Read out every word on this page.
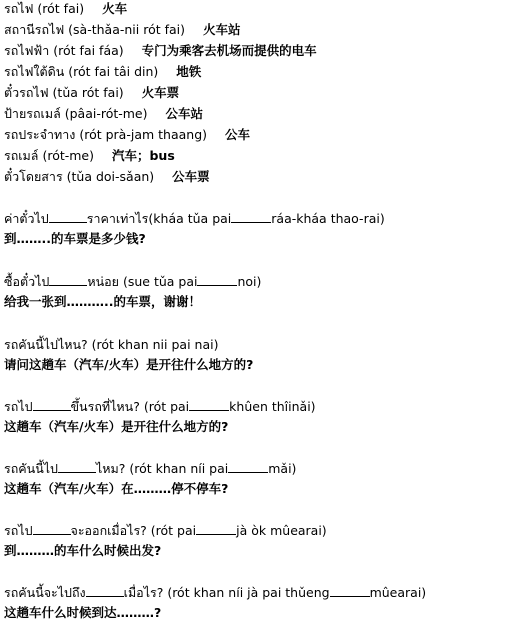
รถไฟ (rót fai) 火车
สถานีรถไฟ (sà-thǎa-nii rót fai) 火车站
รถไฟฟ้า (rót fai fáa) 专门为乘客去机场而提供的电车
รถไฟใต้ดิน (rót fai tâi din) 地铁
ตั๋วรถไฟ (tǔa rót fai) 火车票
ป้ายรถเมล์ (pâai-rót-me) 公车站
รถประจำทาง (rót prà-jam thaang) 公车
รถเมล์ (rót-me) 汽车；bus
ตั๋วโดยสาร (tǔa doi-sǎan) 公车票
ค่าตั๋วไป	ราคาเท่าไร(kháa tǔa pai	ráa-kháa thao-rai)
到……..的车票是多少钱?
ซื้อตั๋วไป	หน่อย (sue tǔa pai	noi)
给我一张到………..的车票，谢谢！
รถคันนี้ไปไหน? (rót khan nii pai nai)
请问这趟车（汽车/火车）是开往什么地方的?
รถไป	ขึ้นรถที่ไหน? (rót pai	khûen thîinǎi)
这趟车（汽车/火车）是开往什么地方的?
รถคันนี้ไป	ไหม? (rót khan níi pai	mǎi)
这趟车（汽车/火车）在………停不停车?
รถไป	จะออกเมื่อไร? (rót pai	jà òk mûearai)
到………的车什么时候出发?
รถคันนี้จะไปถึง	เมื่อไร? (rót khan níi jà pai thǔeng	mûearai)
这趟车什么时候到达………?
